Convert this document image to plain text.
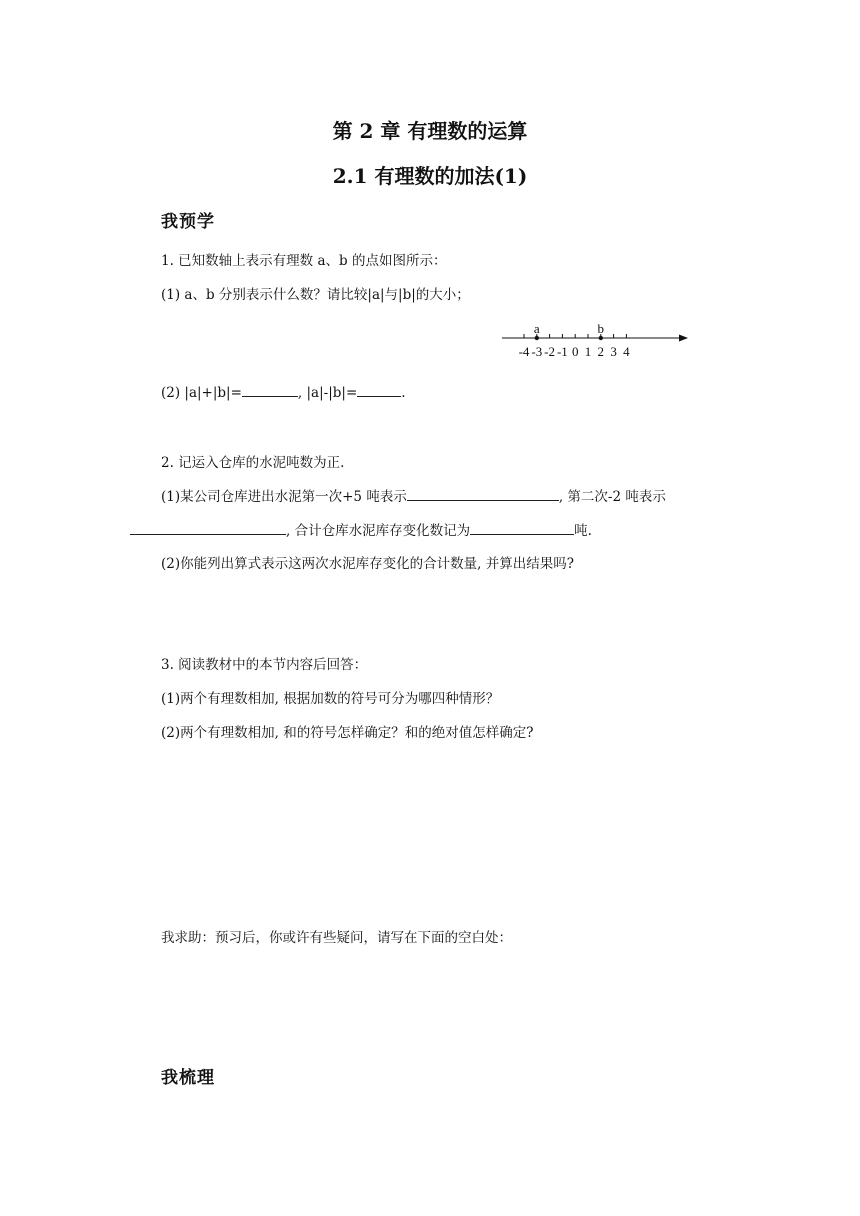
第 2 章 有理数的运算
2.1 有理数的加法(1)
我预学
1. 已知数轴上表示有理数 a、b 的点如图所示：
(1) a、b 分别表示什么数？请比较|a|与|b|的大小；
-4 -3 -2 -1 0 1 2 3 4
a	b
(2) |a|+|b|=	, |a|-|b|=	.
2. 记运入仓库的水泥吨数为正.
(1)某公司仓库进出水泥第一次+5 吨表示	, 第二次-2 吨表示
, 合计仓库水泥库存变化数记为	吨.
(2)你能列出算式表示这两次水泥库存变化的合计数量, 并算出结果吗?
3. 阅读教材中的本节内容后回答：
(1)两个有理数相加, 根据加数的符号可分为哪四种情形？
(2)两个有理数相加, 和的符号怎样确定？和的绝对值怎样确定?
我求助：预习后，你或许有些疑问，请写在下面的空白处：
我梳理
